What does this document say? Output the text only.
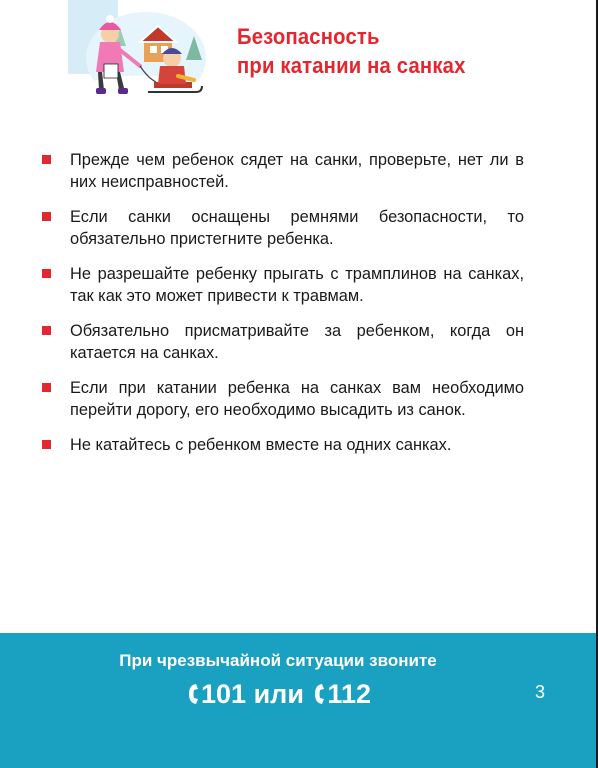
Безопасность
при катании на санках
Прежде чем ребенок сядет на санки, проверьте, нет ли в них неисправностей.
Если санки оснащены ремнями безопасности, то обязательно пристегните ребенка.
Не разрешайте ребенку прыгать с трамплинов на санках, так как это может привести к травмам.
Обязательно присматривайте за ребенком, когда он катается на санках.
Если при катании ребенка на санках вам необходимо перейти дорогу, его необходимо высадить из санок.
Не катайтесь с ребенком вместе на одних санках.
При чрезвычайной ситуации звоните
101 или 112	3
